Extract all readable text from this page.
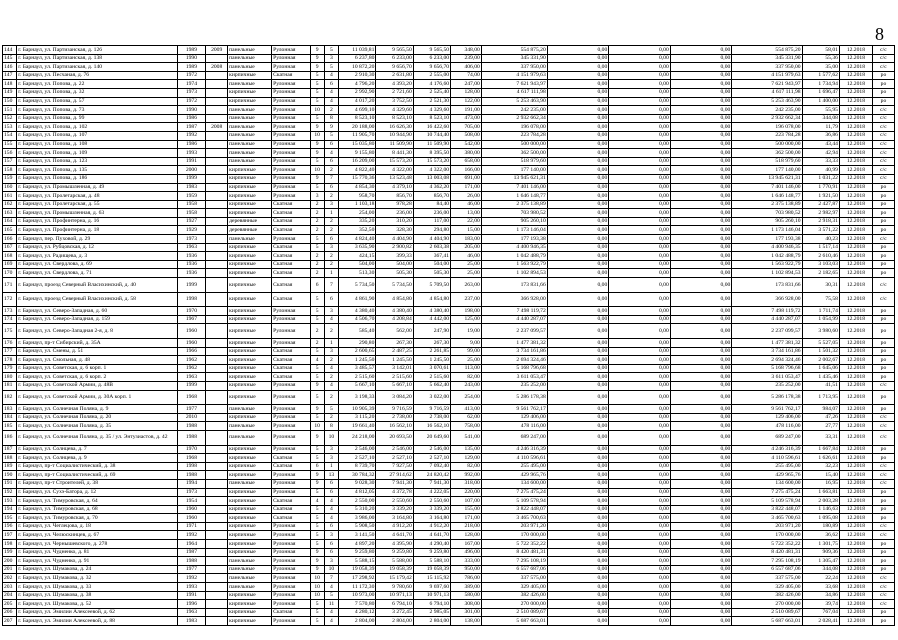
8
144	г. Барнаул, ул. Партизанская, д. 126	1989	2009	панельные	Рулонная	9	5	11 039,81	9 565,50	9 565,50	348,00	554 875,20	0,00	0,00	0,00	554 875,20	58,01	12.2018	с/с
145	г. Барнаул, ул. Партизанская, д. 138	1990		панельные	Рулонная	9	3	6 237,80	6 233,00	6 233,00	239,00	345 331,90	0,00	0,00	0,00	345 331,90	55,36	12.2018	с/с
146	г. Барнаул, ул. Партизанская, д. 140	1989	2008	панельные	Рулонная	9	5	10 872,20	9 656,70	9 656,70	406,00	337 950,00	0,00	0,00	0,00	337 950,00	35,00	12.2018	с/с
147	г. Барнаул, ул. Песчаная, д. 76	1972		кирпичные	Скатная	5	4	2 910,30	2 631,80	2 555,00	74,00	4 151 979,63	0,00	0,00	0,00	4 151 979,63	1 577,62	12.2018	ро
148	г. Барнаул, ул. Попова, д. 22	1974		панельные	Рулонная	5	6	4 796,20	4 393,20	4 176,60	247,00	7 621 943,97	0,00	0,00	0,00	7 621 943,97	1 734,94	12.2018	ро
149	г. Барнаул, ул. Попова, д. 32	1973		кирпичные	Рулонная	5	4	2 992,90	2 721,60	2 525,40	128,00	4 617 111,98	0,00	0,00	0,00	4 617 111,98	1 696,47	12.2018	ро
150	г. Барнаул, ул. Попова, д. 57	1972		кирпичные	Рулонная	5	4	4 017,20	3 752,50	2 521,30	122,00	5 253 463,90	0,00	0,00	0,00	5 253 463,90	1 400,00	12.2018	ро
151	г. Барнаул, ул. Попова, д. 73	1990		панельные	Рулонная	10	2	4 699,10	4 329,60	4 329,60	191,00	242 235,00	0,00	0,00	0,00	242 235,00	55,95	12.2018	с/с
152	г. Барнаул, ул. Попова, д. 99	1986		панельные	Рулонная	5	8	8 523,10	8 523,10	8 523,10	473,00	2 932 662,34	0,00	0,00	0,00	2 932 662,34	344,08	12.2018	с/с
153	г. Барнаул, ул. Попова, д. 102	1987	2008	панельные	Рулонная	9	9	20 188,00	16 626,30	16 422,60	705,00	196 078,00	0,00	0,00	0,00	196 078,00	11,79	12.2018	с/с
154	г. Барнаул, ул. Попова, д. 107	1992		панельные	Рулонная	10	5	11 905,70	10 944,90	10 744,40	508,00	223 784,28	0,00	0,00	0,00	223 784,28	36,86	12.2018	с/с
155	г. Барнаул, ул. Попова, д. 108	1986		панельные	Рулонная	9	6	15 035,80	11 509,90	11 509,90	542,00	500 000,00	0,00	0,00	0,00	500 000,00	43,44	12.2018	с/с
156	г. Барнаул, ул. Попова, д. 109	1993		панельные	Рулонная	9	4	9 155,80	8 441,30	8 395,50	380,00	362 500,00	0,00	0,00	0,00	362 500,00	42,94	12.2018	с/с
157	г. Барнаул, ул. Попова, д. 123	1991		панельные	Рулонная	5	6	16 209,00	15 573,20	15 573,20	658,00	518 979,60	0,00	0,00	0,00	518 979,60	33,33	12.2018	с/с
158	г. Барнаул, ул. Попова, д. 135	2000		кирпичные	Рулонная	10	2	4 822,40	4 322,00	4 322,00	166,00	177 140,00	0,00	0,00	0,00	177 140,00	40,99	12.2018	с/с
159	г. Барнаул, ул. Попова, д. 186	1999		кирпичные	Рулонная	9	7	15 770,36	13 523,48	13 003,08	691,00	13 945 621,31	0,00	0,00	0,00	13 945 621,31	1 031,22	12.2018	с/с
160	г. Барнаул, ул. Промышленная, д. 49	1983		кирпичные	Рулонная	5	6	4 854,30	4 379,10	4 362,20	171,00	7 401 146,00	0,00	0,00	0,00	7 401 146,00	1 770,91	12.2018	ро
161	г. Барнаул, ул. Пролетарская, д. 48	1959		кирпичные	Рулонная	3	2	958,70	856,70	856,70	26,00	1 646 148,77	0,00	0,00	0,00	1 646 148,77	1 921,50	12.2018	ро
162	г. Барнаул, ул. Пролетарская, д. 55	1958		кирпичные	Скатная	2	3	1 103,18	978,28	84,40	46,00	2 375 138,89	0,00	0,00	0,00	2 375 138,89	2 427,87	12.2018	ро
163	г. Барнаул, ул. Промышленная, д. 63	1958		кирпичные	Скатная	2	1	254,00	236,00	236,00	13,00	703 980,52	0,00	0,00	0,00	703 980,52	2 982,97	12.2018	ро
164	г. Барнаул, ул. Профинтерна, д. 16	1927		деревянные	Скатная	2	2	335,20	310,20	117,00	22,00	905 260,10	0,00	0,00	0,00	905 260,10	2 918,31	12.2018	ро
165	г. Барнаул, ул. Профинтерна, д. 18	1929		деревянные	Скатная	2	2	352,50	328,30	294,80	15,00	1 173 146,04	0,00	0,00	0,00	1 173 146,04	3 571,22	12.2018	ро
166	г. Барнаул, пер. Пуховой, д. 29	1973		панельные	Рулонная	5	6	4 824,40	4 404,90	4 404,90	183,00	177 193,38	0,00	0,00	0,00	177 193,38	40,23	12.2018	с/с
167	г. Барнаул, ул. Рубцовская, д. 12	1963		кирпичные	Скатная	5	3	3 635,90	2 900,82	2 603,38	205,00	4 400 946,35	0,00	0,00	0,00	4 400 946,35	1 517,14	12.2018	ро
168	г. Барнаул, ул. Радищева, д. 3	1936		кирпичные	Скатная	2	2	424,15	399,33	367,41	46,00	1 042 488,79	0,00	0,00	0,00	1 042 488,79	2 610,46	12.2018	ро
169	г. Барнаул, ул. Свердлова, д. 69	1936		кирпичные	Скатная	2	2	504,00	504,00	504,00	25,00	1 563 922,79	0,00	0,00	0,00	1 563 922,79	3 103,03	12.2018	ро
170	г. Барнаул, ул. Свердлова, д. 71	1936		кирпичные	Скатная	2	1	513,30	505,30	505,30	25,00	1 102 894,53	0,00	0,00	0,00	1 102 894,53	2 182,65	12.2018	ро
171	г. Барнаул, проезд Северный Власихинский, д. 40	1999		кирпичные	Скатная	6	7	5 734,50	5 734,50	5 709,50	263,00	173 831,66	0,00	0,00	0,00	173 831,66	30,31	12.2018	с/с
172	г. Барнаул, проезд Северный Власихинский, д. 58	1998		кирпичные	Скатная	5	6	4 861,90	4 854,80	4 854,80	237,00	366 928,00	0,00	0,00	0,00	366 928,00	75,58	12.2018	с/с
173	г. Барнаул, ул. Северо-Западная, д. 60	1970		кирпичные	Рулонная	5	3	4 380,40	4 380,40	4 380,40	198,00	7 498 119,72	0,00	0,00	0,00	7 498 119,72	1 711,74	12.2018	ро
174	г. Барнаул, ул. Северо-Западная, д. 159	1967		кирпичные	Рулонная	5	4	4 506,70	4 208,84	4 442,00	125,00	4 440 287,07	0,00	0,00	0,00	4 440 287,07	1 054,99	12.2018	ро
175	г. Барнаул, ул. Северо-Западная 2-я, д. 8	1960		кирпичные	Рулонная	2	2	585,40	562,00	247,90	19,00	2 237 099,57	0,00	0,00	0,00	2 237 099,57	3 980,60	12.2018	ро
176	г. Барнаул, пр-т Сибирский, д. 35А	1960		кирпичные	Рулонная	2	1	290,80	267,30	267,30	9,00	1 477 381,32	0,00	0,00	0,00	1 477 381,32	5 527,05	12.2018	ро
177	г. Барнаул, ул. Смены, д. 51	1966		кирпичные	Скатная	5	3	2 600,65	2 487,25	2 261,85	99,00	3 734 161,86	0,00	0,00	0,00	3 734 161,86	1 501,32	12.2018	ро
178	г. Барнаул, ул. Смольная, д. 48	1962		кирпичные	Скатная	4	2	1 245,50	1 245,50	1 245,50	25,00	2 694 324,46	0,00	0,00	0,00	2 694 324,46	2 002,67	12.2018	ро
179	г. Барнаул, ул. Советская, д. 6 корп. 1	1962		кирпичные	Скатная	5	4	3 485,57	3 142,01	3 070,61	113,00	5 168 796,68	0,00	0,00	0,00	5 168 796,68	1 645,06	12.2018	ро
180	г. Барнаул, ул. Советская, д. 6 корп. 2	1963		кирпичные	Скатная	5	2	2 515,60	2 515,60	2 515,60	82,00	3 611 053,47	0,00	0,00	0,00	3 611 053,47	1 435,46	12.2018	ро
181	г. Барнаул, ул. Советской Армии, д. 48В	1999		кирпичные	Рулонная	9	4	5 667,10	5 667,10	5 662,40	243,00	235 252,00	0,00	0,00	0,00	235 252,00	41,51	12.2018	с/с
182	г. Барнаул, ул. Советской Армии, д. 30А корп. 1	1968		кирпичные	Рулонная	5	2	3 198,33	3 084,20	3 022,00	254,00	5 286 178,38	0,00	0,00	0,00	5 286 178,38	1 713,95	12.2018	ро
183	г. Барнаул, ул. Солнечная Поляна, д. 9	1977		панельные	Рулонная	9	5	10 905,39	9 716,59	9 716,59	413,00	9 561 762,17	0,00	0,00	0,00	9 561 762,17	984,07	12.2018	ро
184	г. Барнаул, ул. Солнечная Поляна, д. 20	2010		кирпичные	Рулонная	5	2	3 115,20	2 738,00	2 738,00	62,00	129 406,00	0,00	0,00	0,00	129 406,00	47,26	12.2018	с/с
185	г. Барнаул, ул. Солнечная Поляна, д. 35	1988		панельные	Рулонная	10	8	19 661,40	16 562,10	16 562,10	758,00	478 116,00	0,00	0,00	0,00	478 116,00	27,77	12.2018	с/с
186	г. Барнаул, ул. Солнечная Поляна, д. 35 / ул. Энтузиастов, д. 42	1988		панельные	Рулонная	9	10	24 218,00	20 693,50	20 649,60	541,00	689 247,00	0,00	0,00	0,00	689 247,00	33,31	12.2018	с/с
187	г. Барнаул, ул. Солнцева, д. 7	1970		кирпичные	Рулонная	5	3	2 546,00	2 546,00	2 546,00	135,00	4 246 316,39	0,00	0,00	0,00	4 246 316,39	1 667,84	12.2018	ро
188	г. Барнаул, ул. Солнцева, д. 9	1968		кирпичные	Скатная	5	3	2 527,10	2 527,10	2 527,10	129,00	4 110 596,61	0,00	0,00	0,00	4 110 596,61	1 626,61	12.2018	ро
189	г. Барнаул, пр-т Социалистический, д. 38	1998		кирпичные	Скатная	6	1	8 739,70	7 927,50	7 092,40	82,00	255 495,00	0,00	0,00	0,00	255 495,00	32,23	12.2018	с/с
190	г. Барнаул, пр-т Социалистический, д. 69	1988		кирпичные	Рулонная	9	13	30 784,32	27 914,62	24 820,42	992,00	429 965,76	0,00	0,00	0,00	429 965,76	15,40	12.2018	с/с
191	г. Барнаул, пр-т Строителей, д. 38	1994		панельные	Рулонная	9	6	9 028,30	7 941,30	7 941,30	318,00	134 600,00	0,00	0,00	0,00	134 600,00	16,95	12.2018	с/с
192	г. Барнаул, ул. Сухэ-Батора, д. 12	1973		кирпичные	Рулонная	5	6	4 812,05	4 372,78	4 222,05	220,00	7 275 475,24	0,00	0,00	0,00	7 275 475,24	1 663,81	12.2018	ро
193	г. Барнаул, ул. Тимуровская, д. 64	1954		кирпичные	Скатная	4	4	2 550,00	2 550,60	2 550,60	107,00	5 109 578,94	0,00	0,00	0,00	5 109 578,94	2 003,28	12.2018	ро
194	г. Барнаул, ул. Тимуровская, д. 68	1960		кирпичные	Скатная	5	4	5 310,20	3 339,20	3 339,20	155,00	3 822 448,07	0,00	0,00	0,00	3 822 448,07	1 146,63	12.2018	ро
195	г. Барнаул, ул. Тимуровская, д. 70	1960		кирпичные	Скатная	5	4	3 986,00	3 164,80	3 164,80	171,00	3 465 700,63	0,00	0,00	0,00	3 465 700,63	1 095,08	12.2018	ро
196	г. Барнаул, ул. Чеглецова, д. 18	1971		кирпичные	Рулонная	5	6	5 908,50	4 912,20	4 912,20	218,00	203 971,20	0,00	0,00	0,00	203 971,20	180,89	12.2018	с/с
197	г. Барнаул, ул. Челюскинцев, д. 67	1992		кирпичные	Рулонная	5	3	3 141,50	4 641,70	4 641,70	128,00	170 000,00	0,00	0,00	0,00	170 000,00	36,62	12.2018	с/с
198	г. Барнаул, ул. Чернышевского, д. 278	1964		кирпичные	Рулонная	5	6	4 897,20	4 395,90	4 290,40	167,00	5 722 352,22	0,00	0,00	0,00	5 722 352,22	1 301,75	12.2018	ро
199	г. Барнаул, ул. Чудненко, д. 81	1987		кирпичные	Рулонная	9	6	9 259,80	9 259,80	9 259,80	496,00	8 420 481,31	0,00	0,00	0,00	8 420 481,31	909,36	12.2018	ро
200	г. Барнаул, ул. Чудненко, д. 91	1988		панельные	Рулонная	9	3	5 588,15	5 588,00	5 588,10	333,00	7 295 108,19	0,00	0,00	0,00	7 295 108,19	1 305,47	12.2018	ро
201	г. Барнаул, ул. Шумакова, д. 24	1977		панельные	Рулонная	9	10	19 058,39	19 058,39	19 058,39	950,00	6 557 687,06	0,00	0,00	0,00	6 557 687,06	344,08	12.2018	ро
202	г. Барнаул, ул. Шумакова, д. 32	1992		панельные	Рулонная	10	7	17 298,92	15 179,42	15 115,92	786,00	337 575,00	0,00	0,00	0,00	337 575,00	22,24	12.2018	с/с
203	г. Барнаул, ул. Шумакова, д. 33	1993		панельные	Рулонная	10	4	11 172,30	9 780,60	9 697,60	389,00	329 405,00	0,00	0,00	0,00	329 405,00	33,68	12.2018	с/с
204	г. Барнаул, ул. Шумакова, д. 38	1991		кирпичные	Рулонная	10	5	10 973,00	10 971,13	10 971,13	580,00	382 426,00	0,00	0,00	0,00	382 426,00	34,86	12.2018	с/с
205	г. Барнаул, ул. Шумакова, д. 52	1996		кирпичные	Рулонная	5	11	7 570,80	6 794,10	6 794,10	308,00	270 000,00	0,00	0,00	0,00	270 000,00	39,74	12.2018	с/с
206	г. Барнаул, ул. Эмилии Алексеевой, д. 62	1963		кирпичные	Скатная	5	4	4 280,12	3 272,45	2 985,05	301,00	2 510 089,67	0,00	0,00	0,00	2 510 089,67	767,04	12.2018	ро
207	г. Барнаул, ул. Эмилии Алексеевой, д. 88	1983		кирпичные	Рулонная	5	4	2 804,00	2 804,00	2 804,00	138,00	5 687 663,01	0,00	0,00	0,00	5 687 663,01	2 028,41	12.2018	ро
